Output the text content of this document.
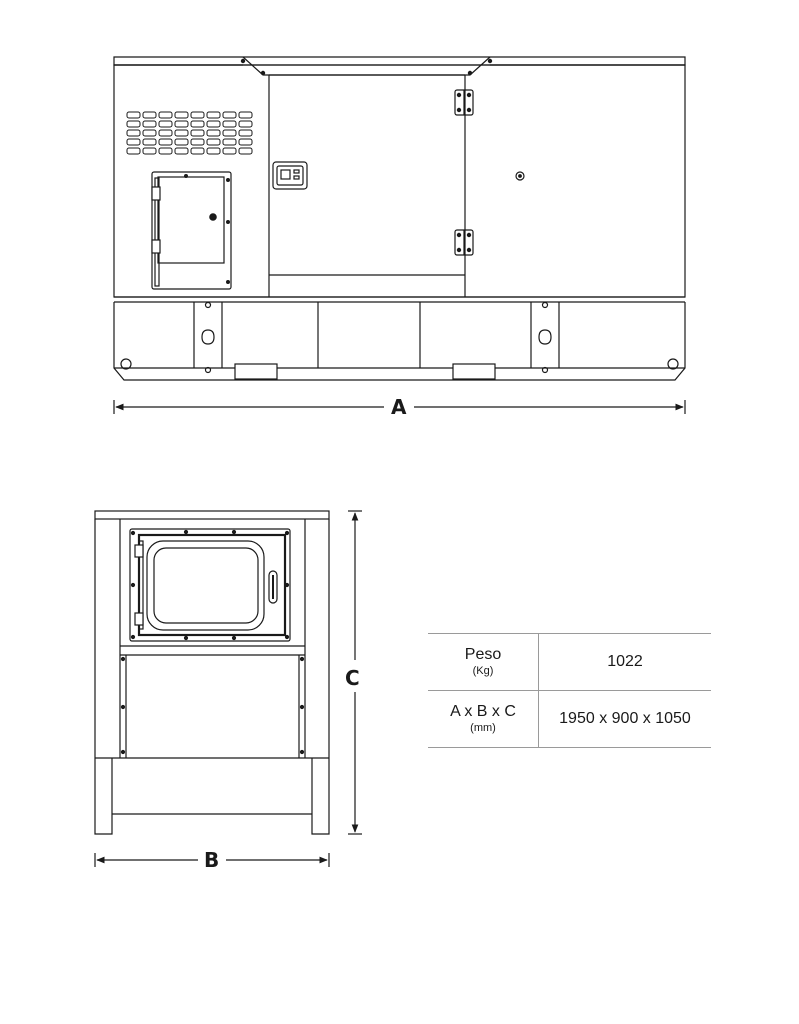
A
B
C
Peso
(Kg)	1022

A x B x C
(mm)	1950 x 900 x 1050
